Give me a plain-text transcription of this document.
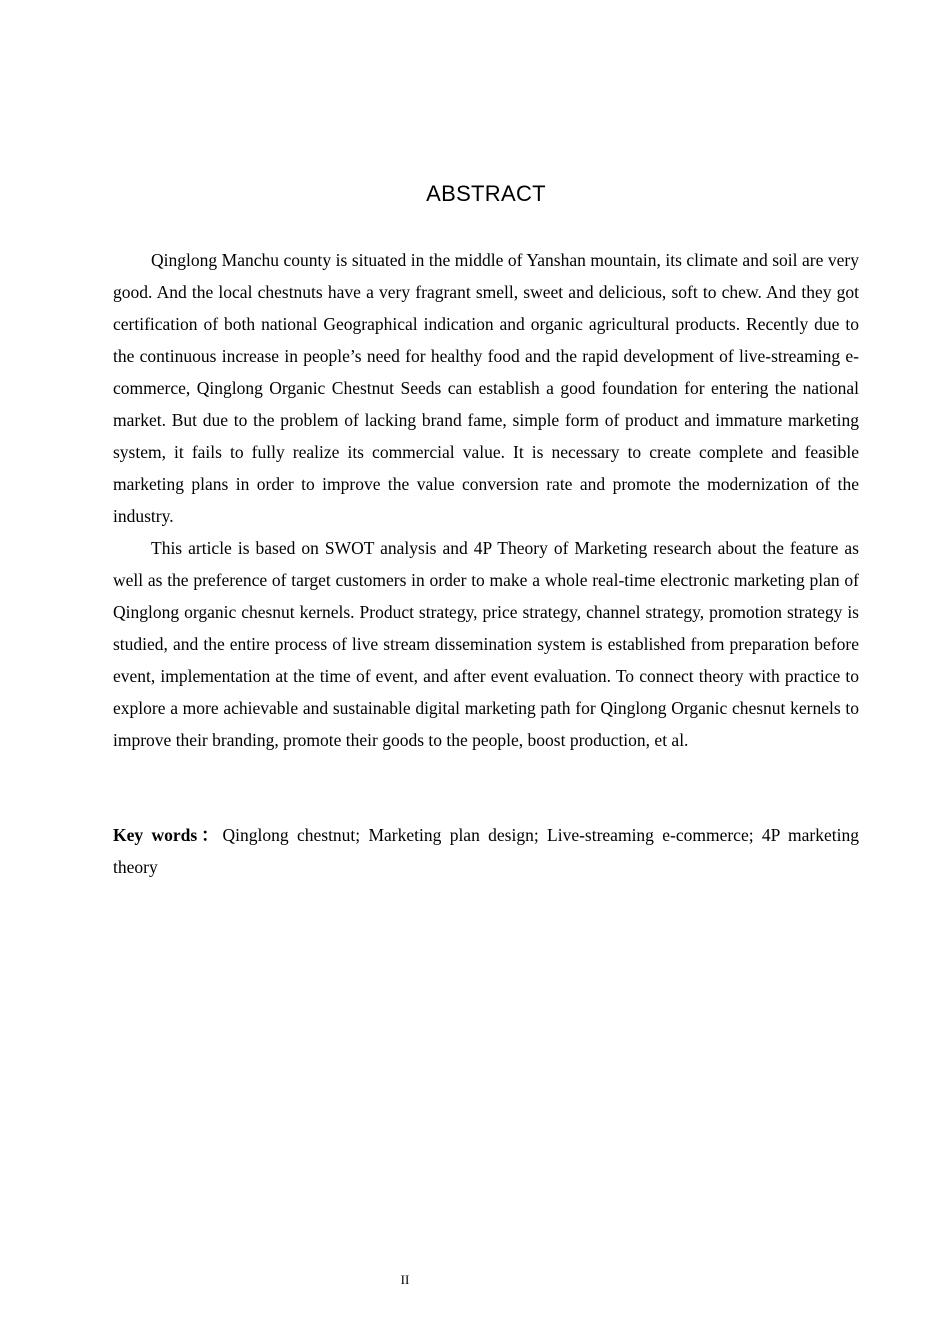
ABSTRACT

Qinglong Manchu county is situated in the middle of Yanshan mountain, its climate and soil are very good. And the local chestnuts have a very fragrant smell, sweet and delicious, soft to chew. And they got certification of both national Geographical indication and organic agricultural products. Recently due to the continuous increase in people’s need for healthy food and the rapid development of live-streaming e-commerce, Qinglong Organic Chestnut Seeds can establish a good foundation for entering the national market. But due to the problem of lacking brand fame, simple form of product and immature marketing system, it fails to fully realize its commercial value. It is necessary to create complete and feasible marketing plans in order to improve the value conversion rate and promote the modernization of the industry.

This article is based on SWOT analysis and 4P Theory of Marketing research about the feature as well as the preference of target customers in order to make a whole real-time electronic marketing plan of Qinglong organic chesnut kernels. Product strategy, price strategy, channel strategy, promotion strategy is studied, and the entire process of live stream dissemination system is established from preparation before event, implementation at the time of event, and after event evaluation. To connect theory with practice to explore a more achievable and sustainable digital marketing path for Qinglong Organic chesnut kernels to improve their branding, promote their goods to the people, boost production, et al.

Key words：Qinglong chestnut; Marketing plan design; Live-streaming e-commerce; 4P marketing theory
II
